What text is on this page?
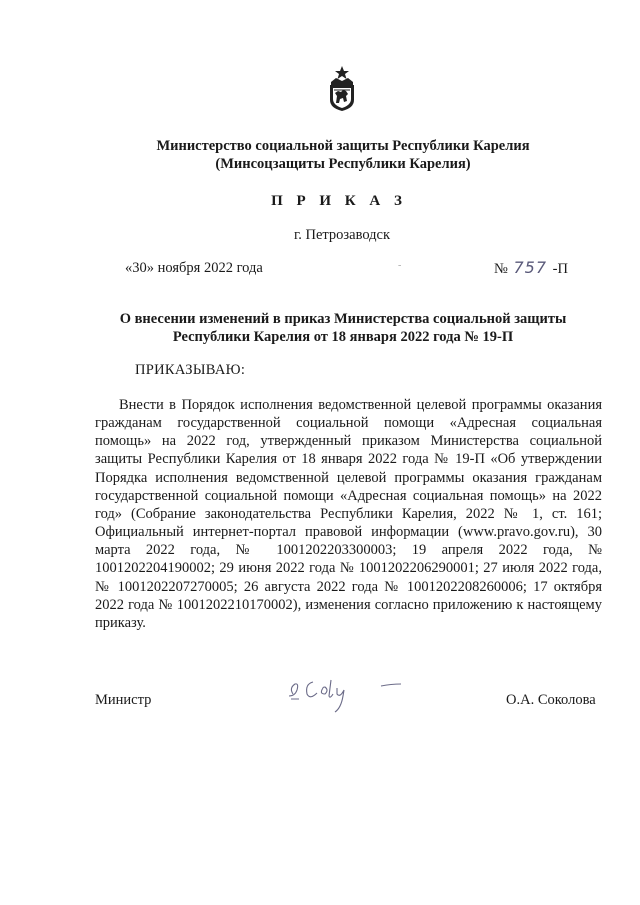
Министерство социальной защиты Республики Карелия
(Минсоцзащиты Республики Карелия)
П Р И К А З
г. Петрозаводск
«30» ноября 2022 года	-	№ 757 -П
О внесении изменений в приказ Министерства социальной защиты
Республики Карелия от 18 января 2022 года № 19-П
ПРИКАЗЫВАЮ:

Внести в Порядок исполнения ведомственной целевой программы оказания гражданам государственной социальной помощи «Адресная социальная помощь» на 2022 год, утвержденный приказом Министерства социальной защиты Республики Карелия от 18 января 2022 года № 19-П «Об утверждении Порядка исполнения ведомственной целевой программы оказания гражданам государственной социальной помощи «Адресная социальная помощь» на 2022 год» (Собрание законодательства Республики Карелия, 2022 № 1, ст. 161; Официальный интернет-портал правовой информации (www.pravo.gov.ru), 30 марта 2022 года, № 1001202203300003; 19 апреля 2022 года, № 1001202204190002; 29 июня 2022 года № 1001202206290001; 27 июля 2022 года, № 1001202207270005; 26 августа 2022 года № 1001202208260006; 17 октября 2022 года № 1001202210170002), изменения согласно приложению к настоящему приказу.

Министр	О.А. Соколова
